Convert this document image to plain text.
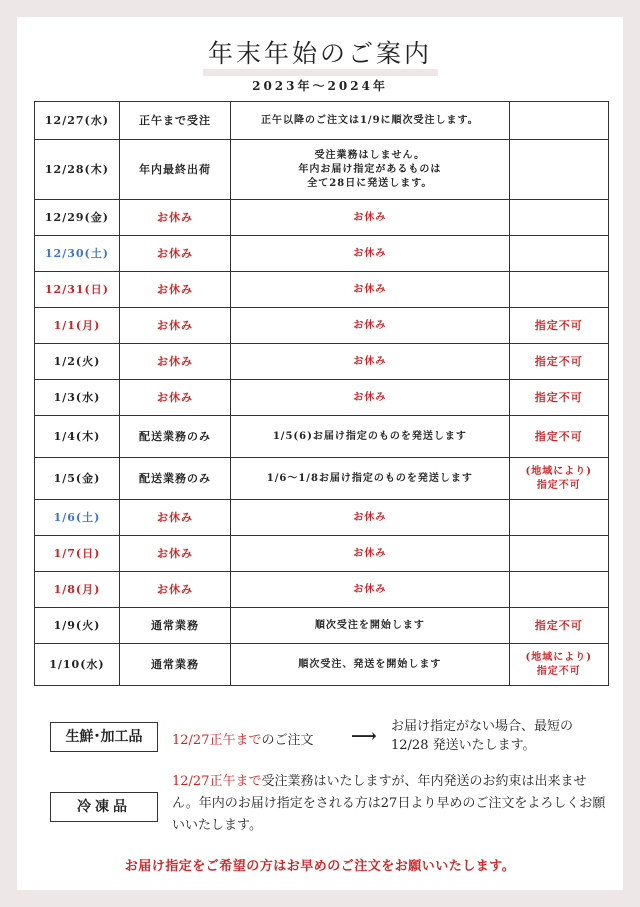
年末年始のご案内
2023年～2024年
12/27(水)	正午まで受注	正午以降のご注文は1/9に順次受注します。	
12/28(木)	年内最終出荷	受注業務はしません。
年内お届け指定があるものは
全て28日に発送します。	
12/29(金)	お休み	お休み	
12/30(土)	お休み	お休み	
12/31(日)	お休み	お休み	
1/1(月)	お休み	お休み	指定不可
1/2(火)	お休み	お休み	指定不可
1/3(水)	お休み	お休み	指定不可
1/4(木)	配送業務のみ	1/5(6)お届け指定のものを発送します	指定不可
1/5(金)	配送業務のみ	1/6～1/8お届け指定のものを発送します	(地域により)
指定不可
1/6(土)	お休み	お休み	
1/7(日)	お休み	お休み	
1/8(月)	お休み	お休み	
1/9(火)	通常業務	順次受注を開始します	指定不可
1/10(水)	通常業務	順次受注、発送を開始します	(地域により)
指定不可
生鮮･加工品	12/27正午までのご注文 ⟶ お届け指定がない場合、最短の
12/28 発送いたします。
冷凍品
12/27正午まで受注業務はいたしますが、年内発送のお約束は出来ません。年内のお届け指定をされる方は27日より早めのご注文をよろしくお願いいたします。
お届け指定をご希望の方はお早めのご注文をお願いいたします。
